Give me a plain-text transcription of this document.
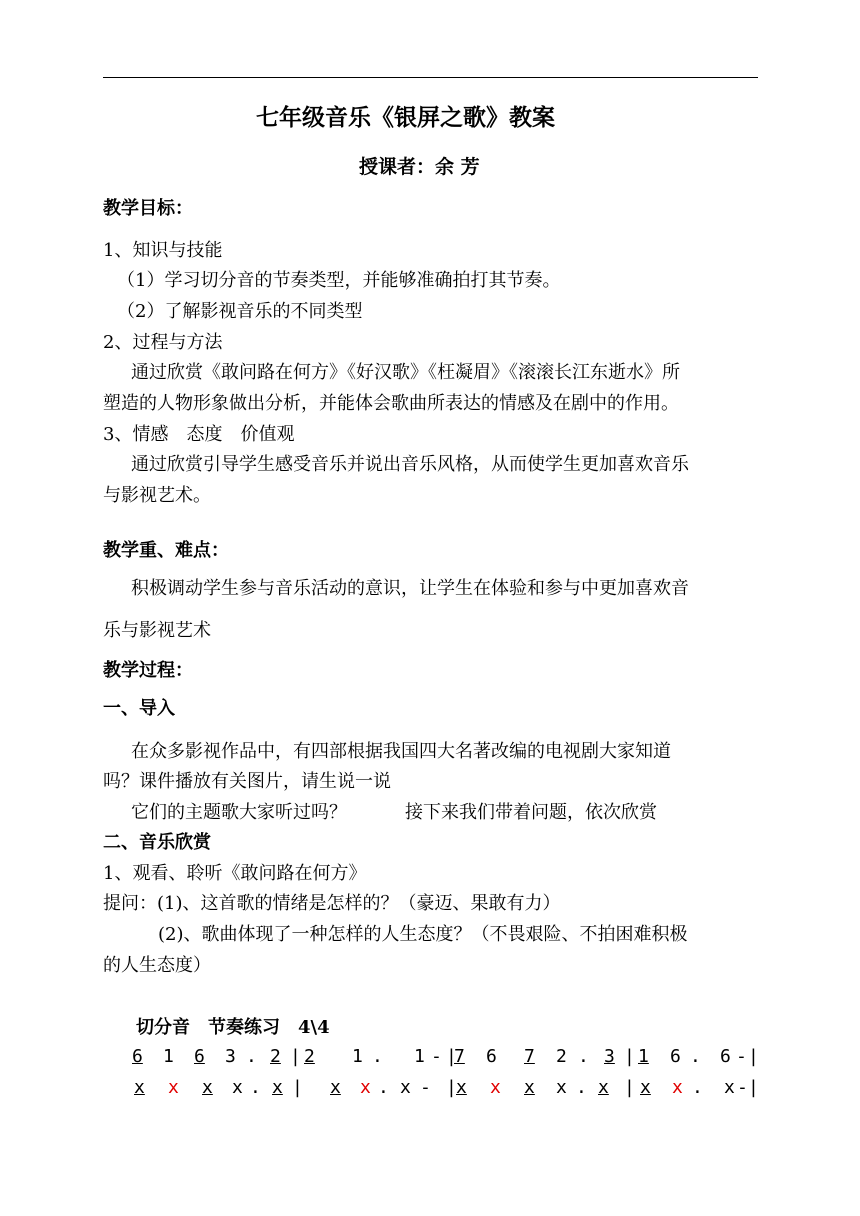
七年级音乐《银屏之歌》教案
授课者：余 芳
教学目标：
1、知识与技能
（1）学习切分音的节奏类型，并能够准确拍打其节奏。
（2）了解影视音乐的不同类型
2、过程与方法
通过欣赏《敢问路在何方》《好汉歌》《枉凝眉》《滚滚长江东逝水》所
塑造的人物形象做出分析，并能体会歌曲所表达的情感及在剧中的作用。
3、情感　态度　价值观
通过欣赏引导学生感受音乐并说出音乐风格，从而使学生更加喜欢音乐
与影视艺术。
教学重、难点：
积极调动学生参与音乐活动的意识，让学生在体验和参与中更加喜欢音
乐与影视艺术
教学过程：
一、导入
在众多影视作品中，有四部根据我国四大名著改编的电视剧大家知道
吗？课件播放有关图片，请生说一说
它们的主题歌大家听过吗？	接下来我们带着问题，依次欣赏
二、音乐欣赏
1、观看、聆听《敢问路在何方》
提问：(1)、这首歌的情绪是怎样的？（豪迈、果敢有力）
(2)、歌曲体现了一种怎样的人生态度？（不畏艰险、不拍困难积极
的人生态度）
切分音　节奏练习　4\4
6 1 6 3 . 2 | 2 1 . 1 - |
7 6 7 2 . 3 | 1 6 . 6 - |
x x x x . x | x x . x - | x x x x . x | x x . x - |
